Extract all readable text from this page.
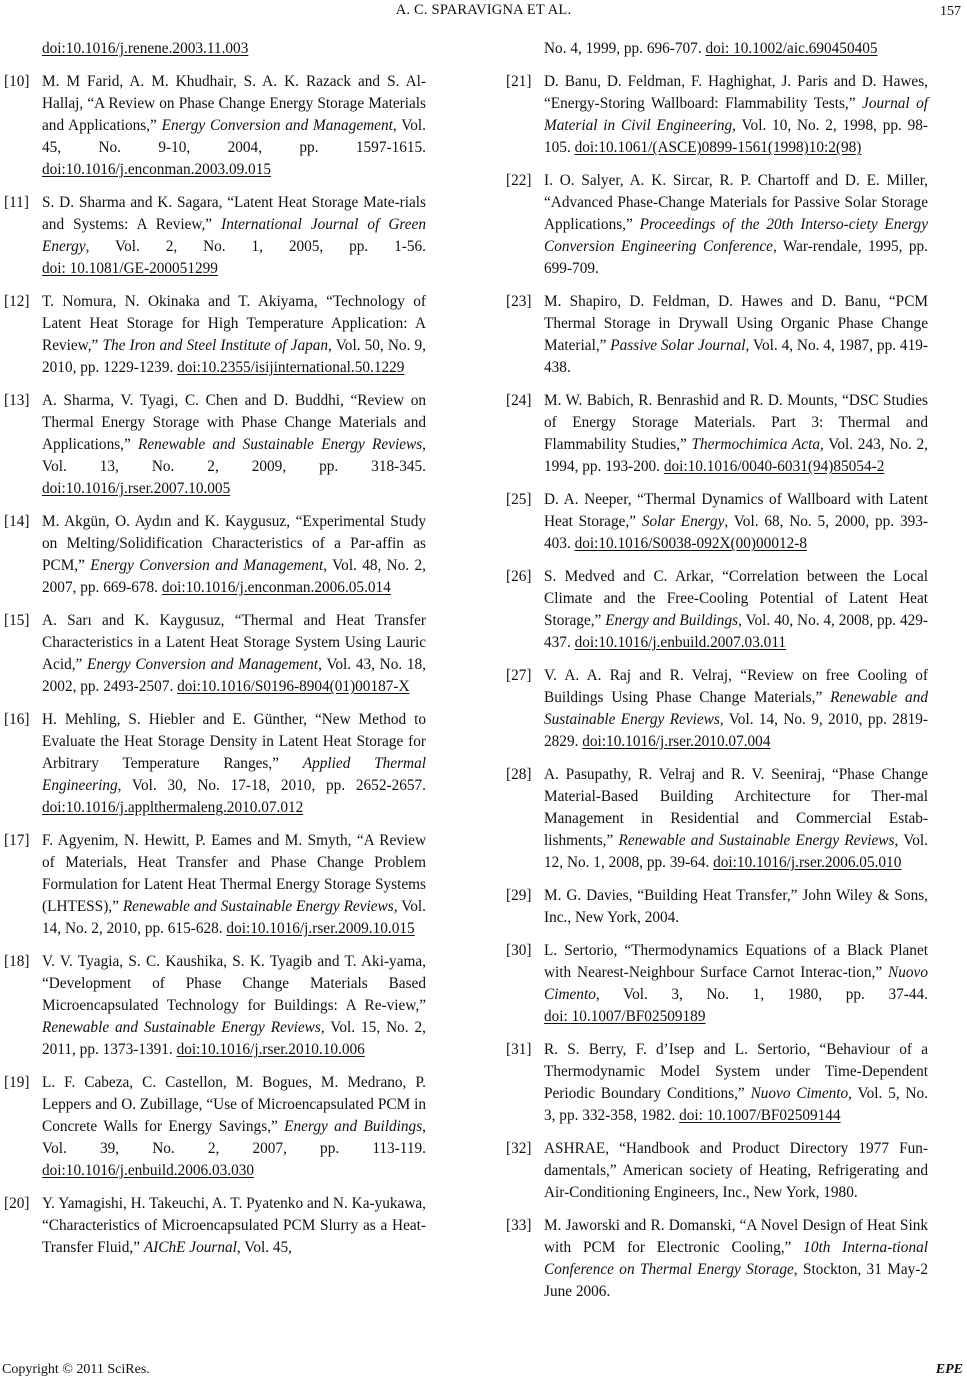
A. C. SPARAVIGNA ET AL.	157
doi:10.1016/j.renene.2003.11.003
[10] M. M Farid, A. M. Khudhair, S. A. K. Razack and S. Al-Hallaj, “A Review on Phase Change Energy Storage Materials and Applications,” Energy Conversion and Management, Vol. 45, No. 9-10, 2004, pp. 1597-1615. doi:10.1016/j.enconman.2003.09.015
[11] S. D. Sharma and K. Sagara, “Latent Heat Storage Mate-rials and Systems: A Review,” International Journal of Green Energy, Vol. 2, No. 1, 2005, pp. 1-56. doi: 10.1081/GE-200051299
[12] T. Nomura, N. Okinaka and T. Akiyama, “Technology of Latent Heat Storage for High Temperature Application: A Review,” The Iron and Steel Institute of Japan, Vol. 50, No. 9, 2010, pp. 1229-1239. doi:10.2355/isijinternational.50.1229
[13] A. Sharma, V. Tyagi, C. Chen and D. Buddhi, “Review on Thermal Energy Storage with Phase Change Materials and Applications,” Renewable and Sustainable Energy Reviews, Vol. 13, No. 2, 2009, pp. 318-345. doi:10.1016/j.rser.2007.10.005
[14] M. Akgün, O. Aydın and K. Kaygusuz, “Experimental Study on Melting/Solidification Characteristics of a Par-affin as PCM,” Energy Conversion and Management, Vol. 48, No. 2, 2007, pp. 669-678. doi:10.1016/j.enconman.2006.05.014
[15] A. Sarı and K. Kaygusuz, “Thermal and Heat Transfer Characteristics in a Latent Heat Storage System Using Lauric Acid,” Energy Conversion and Management, Vol. 43, No. 18, 2002, pp. 2493-2507. doi:10.1016/S0196-8904(01)00187-X
[16] H. Mehling, S. Hiebler and E. Günther, “New Method to Evaluate the Heat Storage Density in Latent Heat Storage for Arbitrary Temperature Ranges,” Applied Thermal Engineering, Vol. 30, No. 17-18, 2010, pp. 2652-2657. doi:10.1016/j.applthermaleng.2010.07.012
[17] F. Agyenim, N. Hewitt, P. Eames and M. Smyth, “A Review of Materials, Heat Transfer and Phase Change Problem Formulation for Latent Heat Thermal Energy Storage Systems (LHTESS),” Renewable and Sustainable Energy Reviews, Vol. 14, No. 2, 2010, pp. 615-628. doi:10.1016/j.rser.2009.10.015
[18] V. V. Tyagia, S. C. Kaushika, S. K. Tyagib and T. Aki-yama, “Development of Phase Change Materials Based Microencapsulated Technology for Buildings: A Re-view,” Renewable and Sustainable Energy Reviews, Vol. 15, No. 2, 2011, pp. 1373-1391. doi:10.1016/j.rser.2010.10.006
[19] L. F. Cabeza, C. Castellon, M. Bogues, M. Medrano, P. Leppers and O. Zubillage, “Use of Microencapsulated PCM in Concrete Walls for Energy Savings,” Energy and Buildings, Vol. 39, No. 2, 2007, pp. 113-119. doi:10.1016/j.enbuild.2006.03.030
[20] Y. Yamagishi, H. Takeuchi, A. T. Pyatenko and N. Ka-yukawa, “Characteristics of Microencapsulated PCM Slurry as a Heat-Transfer Fluid,” AIChE Journal, Vol. 45,
No. 4, 1999, pp. 696-707. doi: 10.1002/aic.690450405
[21] D. Banu, D. Feldman, F. Haghighat, J. Paris and D. Hawes, “Energy-Storing Wallboard: Flammability Tests,” Journal of Material in Civil Engineering, Vol. 10, No. 2, 1998, pp. 98-105. doi:10.1061/(ASCE)0899-1561(1998)10:2(98)
[22] I. O. Salyer, A. K. Sircar, R. P. Chartoff and D. E. Miller, “Advanced Phase-Change Materials for Passive Solar Storage Applications,” Proceedings of the 20th Interso-ciety Energy Conversion Engineering Conference, War-rendale, 1995, pp. 699-709.
[23] M. Shapiro, D. Feldman, D. Hawes and D. Banu, “PCM Thermal Storage in Drywall Using Organic Phase Change Material,” Passive Solar Journal, Vol. 4, No. 4, 1987, pp. 419-438.
[24] M. W. Babich, R. Benrashid and R. D. Mounts, “DSC Studies of Energy Storage Materials. Part 3: Thermal and Flammability Studies,” Thermochimica Acta, Vol. 243, No. 2, 1994, pp. 193-200. doi:10.1016/0040-6031(94)85054-2
[25] D. A. Neeper, “Thermal Dynamics of Wallboard with Latent Heat Storage,” Solar Energy, Vol. 68, No. 5, 2000, pp. 393-403. doi:10.1016/S0038-092X(00)00012-8
[26] S. Medved and C. Arkar, “Correlation between the Local Climate and the Free-Cooling Potential of Latent Heat Storage,” Energy and Buildings, Vol. 40, No. 4, 2008, pp. 429-437. doi:10.1016/j.enbuild.2007.03.011
[27] V. A. A. Raj and R. Velraj, “Review on free Cooling of Buildings Using Phase Change Materials,” Renewable and Sustainable Energy Reviews, Vol. 14, No. 9, 2010, pp. 2819-2829. doi:10.1016/j.rser.2010.07.004
[28] A. Pasupathy, R. Velraj and R. V. Seeniraj, “Phase Change Material-Based Building Architecture for Ther-mal Management in Residential and Commercial Estab-lishments,” Renewable and Sustainable Energy Reviews, Vol. 12, No. 1, 2008, pp. 39-64. doi:10.1016/j.rser.2006.05.010
[29] M. G. Davies, “Building Heat Transfer,” John Wiley & Sons, Inc., New York, 2004.
[30] L. Sertorio, “Thermodynamics Equations of a Black Planet with Nearest-Neighbour Surface Carnot Interac-tion,” Nuovo Cimento, Vol. 3, No. 1, 1980, pp. 37-44. doi: 10.1007/BF02509189
[31] R. S. Berry, F. d’Isep and L. Sertorio, “Behaviour of a Thermodynamic Model System under Time-Dependent Periodic Boundary Conditions,” Nuovo Cimento, Vol. 5, No. 3, pp. 332-358, 1982. doi: 10.1007/BF02509144
[32] ASHRAE, “Handbook and Product Directory 1977 Fun-damentals,” American society of Heating, Refrigerating and Air-Conditioning Engineers, Inc., New York, 1980.
[33] M. Jaworski and R. Domanski, “A Novel Design of Heat Sink with PCM for Electronic Cooling,” 10th Interna-tional Conference on Thermal Energy Storage, Stockton, 31 May-2 June 2006.
Copyright © 2011 SciRes.	EPE
